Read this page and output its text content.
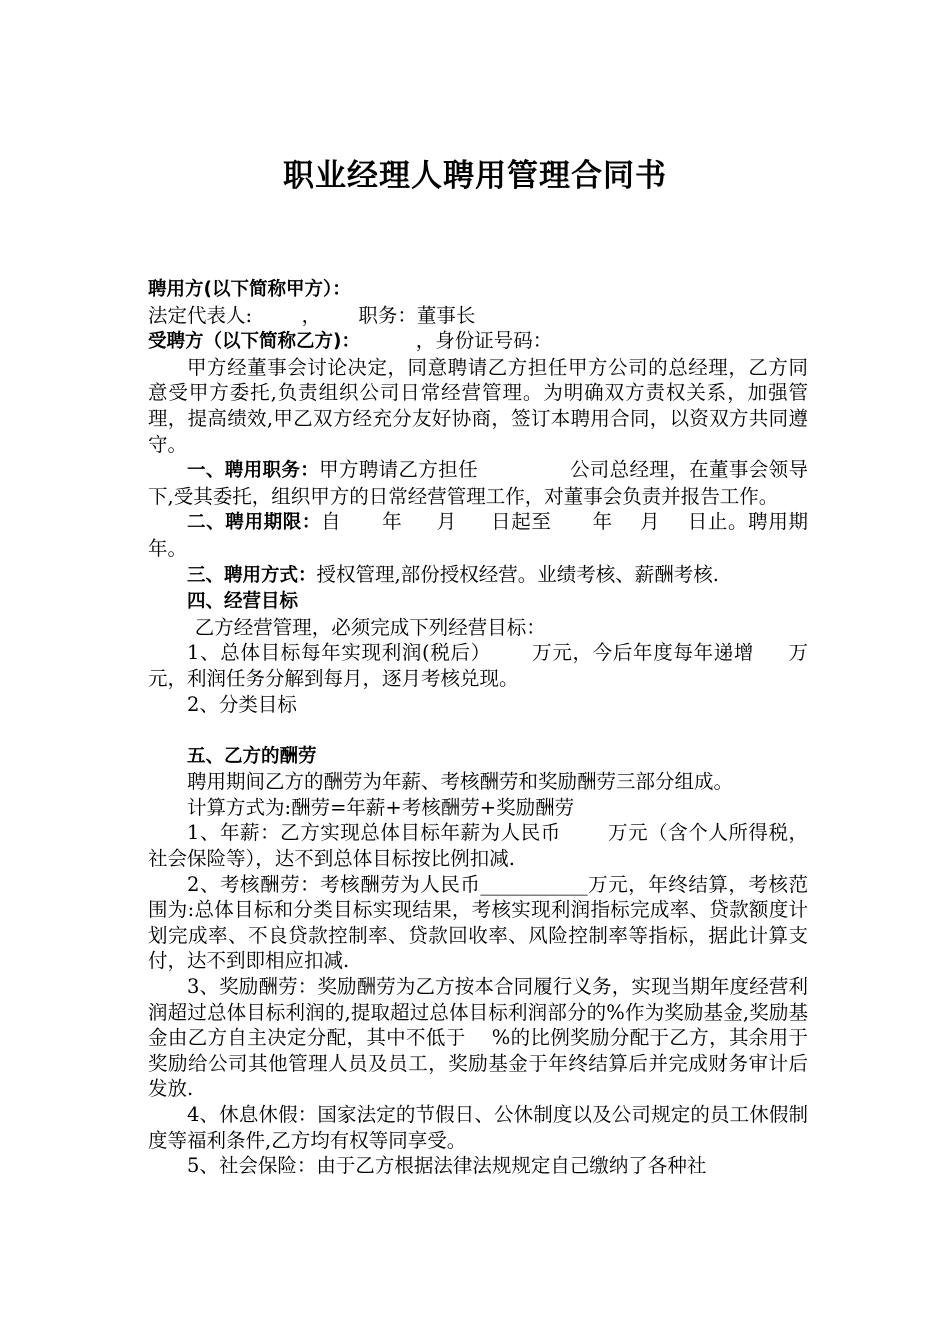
职业经理人聘用管理合同书

聘用方(以下简称甲方）：

法定代表人:        ，      职务：董事长

受聘方（以下简称乙方)：         ，身份证号码：

甲方经董事会讨论决定，同意聘请乙方担任甲方公司的总经理，乙方同意受甲方委托,负责组织公司日常经营管理。为明确双方责权关系，加强管理，提高绩效,甲乙双方经充分友好协商，签订本聘用合同，以资双方共同遵守。

一、聘用职务：甲方聘请乙方担任              公司总经理，在董事会领导下,受其委托，组织甲方的日常经营管理工作，对董事会负责并报告工作。

二、聘用期限：自      年     月     日起至      年    月    日止。聘用期     年。

三、聘用方式：授权管理,部份授权经营。业绩考核、薪酬考核.

四、经营目标

乙方经营管理，必须完成下列经营目标：

1、总体目标每年实现利润(税后）      万元，今后年度每年递增     万元，利润任务分解到每月，逐月考核兑现。

2、分类目标

五、乙方的酬劳

聘用期间乙方的酬劳为年薪、考核酬劳和奖励酬劳三部分组成。

计算方式为:酬劳=年薪+考核酬劳+奖励酬劳

1、年薪：乙方实现总体目标年薪为人民币       万元（含个人所得税，社会保险等），达不到总体目标按比例扣减.

2、考核酬劳：考核酬劳为人民币___________万元，年终结算，考核范围为:总体目标和分类目标实现结果，考核实现利润指标完成率、贷款额度计划完成率、不良贷款控制率、贷款回收率、风险控制率等指标，据此计算支付，达不到即相应扣减.

3、奖励酬劳：奖励酬劳为乙方按本合同履行义务，实现当期年度经营利润超过总体目标利润的,提取超过总体目标利润部分的%作为奖励基金,奖励基金由乙方自主决定分配，其中不低于    %的比例奖励分配于乙方，其余用于奖励给公司其他管理人员及员工，奖励基金于年终结算后并完成财务审计后发放.

4、休息休假：国家法定的节假日、公休制度以及公司规定的员工休假制度等福利条件,乙方均有权等同享受。

5、社会保险：由于乙方根据法律法规规定自己缴纳了各种社
